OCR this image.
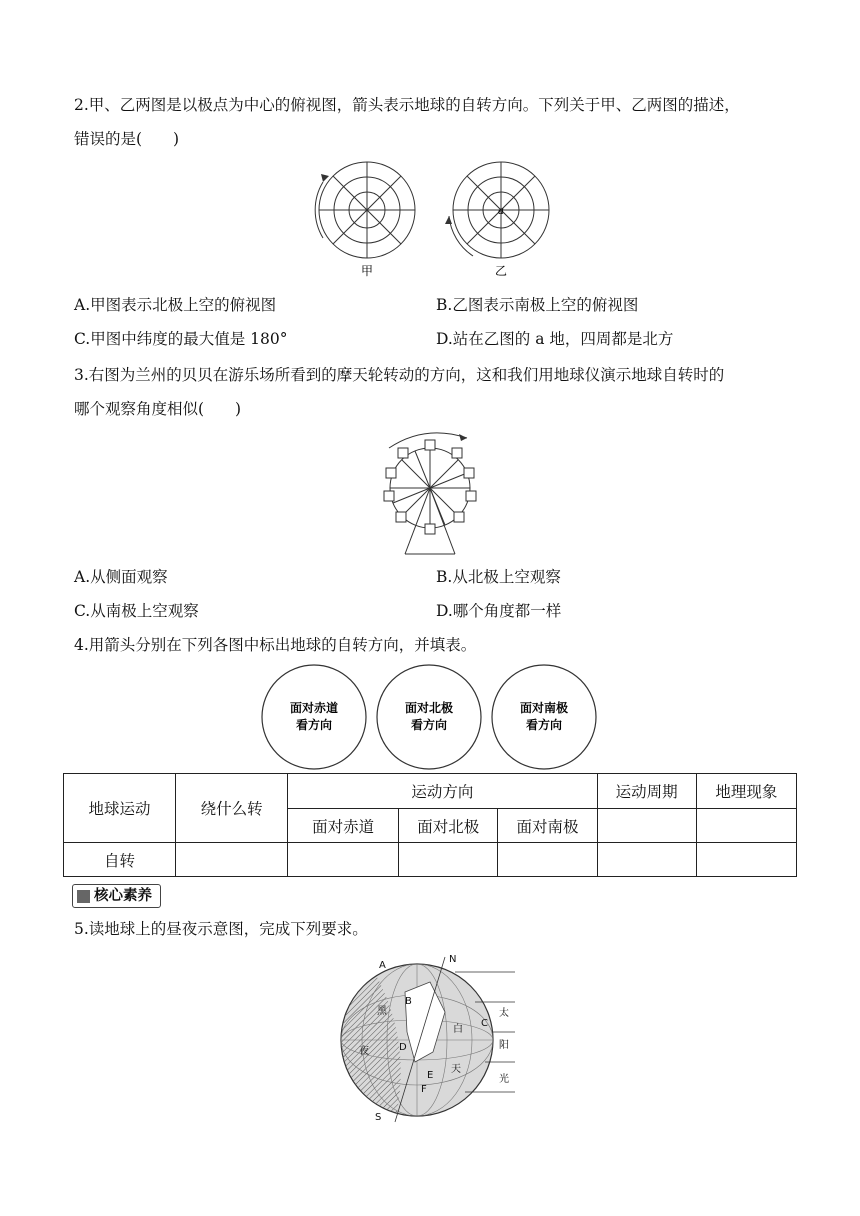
2.甲、乙两图是以极点为中心的俯视图，箭头表示地球的自转方向。下列关于甲、乙两图的描述，
错误的是(　　)
a
甲	乙
A.甲图表示北极上空的俯视图	B.乙图表示南极上空的俯视图
C.甲图中纬度的最大值是 180°	D.站在乙图的 a 地，四周都是北方
3.右图为兰州的贝贝在游乐场所看到的摩天轮转动的方向，这和我们用地球仪演示地球自转时的
哪个观察角度相似(　　)
A.从侧面观察	B.从北极上空观察
C.从南极上空观察	D.哪个角度都一样
4.用箭头分别在下列各图中标出地球的自转方向，并填表。
面对赤道
看方向
面对北极
看方向
面对南极
看方向
地球运动	绕什么转	运动方向			运动周期	地理现象
		面对赤道	面对北极	面对南极		
自转						
核心素养
5.读地球上的昼夜示意图，完成下列要求。
N
S
A
B
C
D
E
F
黑
夜
白
天
太
阳
光
